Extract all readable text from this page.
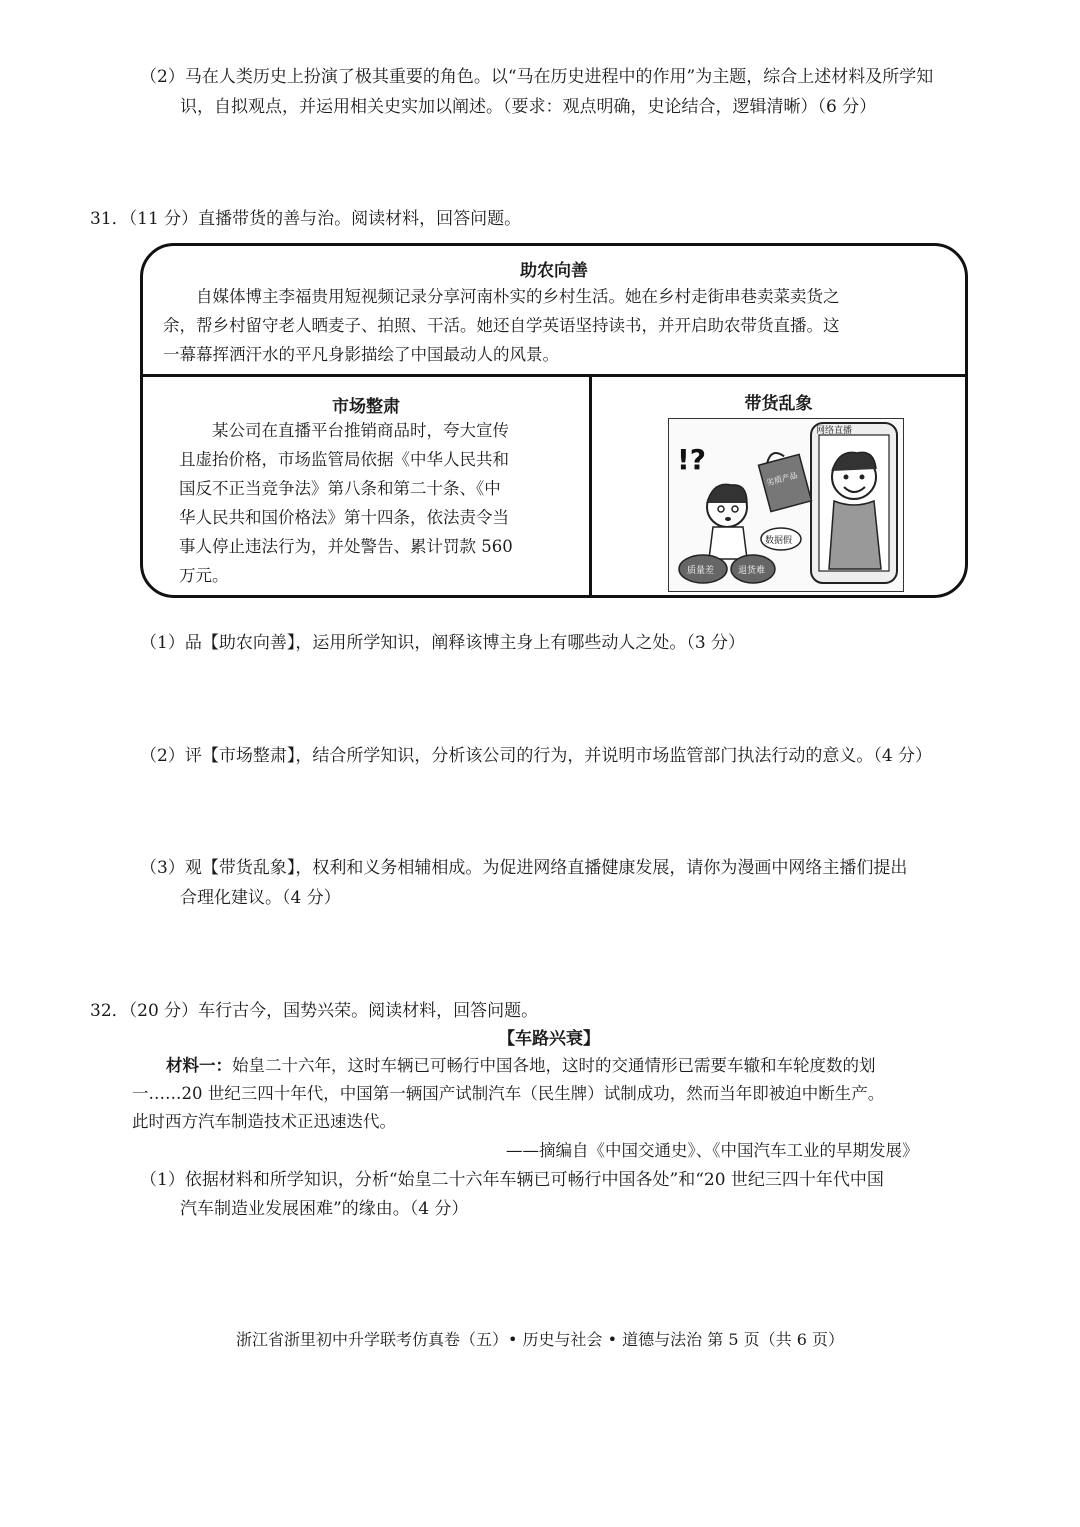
（2）马在人类历史上扮演了极其重要的角色。以“马在历史进程中的作用”为主题，综合上述材料及所学知
识，自拟观点，并运用相关史实加以阐述。（要求：观点明确，史论结合，逻辑清晰）（6 分）
31．（11 分）直播带货的善与治。阅读材料，回答问题。
助农向善
自媒体博主李福贵用短视频记录分享河南朴实的乡村生活。她在乡村走街串巷卖菜卖货之
余，帮乡村留守老人晒麦子、拍照、干活。她还自学英语坚持读书，并开启助农带货直播。这
一幕幕挥洒汗水的平凡身影描绘了中国最动人的风景。
市场整肃
某公司在直播平台推销商品时，夸大宣传
且虚抬价格，市场监管局依据《中华人民共和
国反不正当竞争法》第八条和第二十条、《中
华人民共和国价格法》第十四条，依法责令当
事人停止违法行为，并处警告、累计罚款 560
万元。
带货乱象
网络直播
劣质产品
!?
数据假
质量差	退货难
（1）品【助农向善】，运用所学知识，阐释该博主身上有哪些动人之处。（3 分）
（2）评【市场整肃】，结合所学知识，分析该公司的行为，并说明市场监管部门执法行动的意义。（4 分）
（3）观【带货乱象】，权利和义务相辅相成。为促进网络直播健康发展，请你为漫画中网络主播们提出
合理化建议。（4 分）
32．（20 分）车行古今，国势兴荣。阅读材料，回答问题。
【车路兴衰】
材料一：始皇二十六年，这时车辆已可畅行中国各地，这时的交通情形已需要车辙和车轮度数的划
一……20 世纪三四十年代，中国第一辆国产试制汽车（民生牌）试制成功，然而当年即被迫中断生产。
此时西方汽车制造技术正迅速迭代。
——摘编自《中国交通史》、《中国汽车工业的早期发展》
（1）依据材料和所学知识，分析“始皇二十六年车辆已可畅行中国各处”和“20 世纪三四十年代中国
汽车制造业发展困难”的缘由。（4 分）
浙江省浙里初中升学联考仿真卷（五）• 历史与社会 • 道德与法治 第 5 页（共 6 页）
